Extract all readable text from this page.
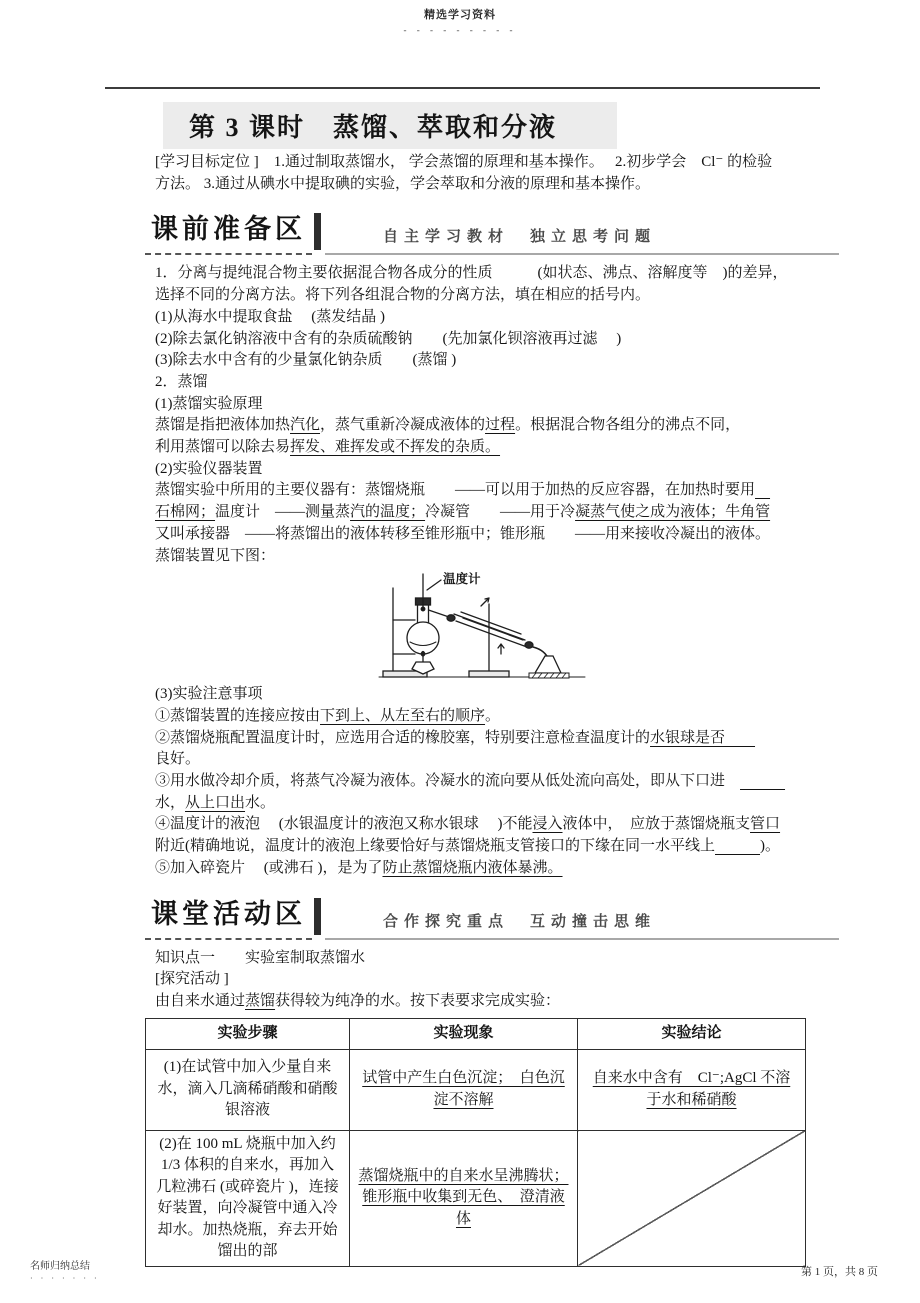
精选学习资料
- - - - - - - - -
第 3 课时　蒸馏、萃取和分液
[学习目标定位 ]　1.通过制取蒸馏水， 学会蒸馏的原理和基本操作。　 2.初步学会　Cl⁻ 的检验
方法。 3.通过从碘水中提取碘的实验，学会萃取和分液的原理和基本操作。
课前准备区	自主学习教材　独立思考问题
1．分离与提纯混合物主要依据混合物各成分的性质　　　(如状态、沸点、溶解度等　)的差异，
选择不同的分离方法。将下列各组混合物的分离方法，填在相应的括号内。
(1)从海水中提取食盐　 (蒸发结晶 )
(2)除去氯化钠溶液中含有的杂质硫酸钠　　(先加氯化钡溶液再过滤　 )
(3)除去水中含有的少量氯化钠杂质　　(蒸馏 )
2．蒸馏
(1)蒸馏实验原理
蒸馏是指把液体加热汽化，蒸气重新冷凝成液体的过程。根据混合物各组分的沸点不同，
利用蒸馏可以除去易挥发、难挥发或不挥发的杂质。
(2)实验仪器装置
蒸馏实验中所用的主要仪器有：蒸馏烧瓶　　——可以用于加热的反应容器，在加热时要用　
石棉网；温度计　——测量蒸汽的温度；冷凝管　　——用于冷凝蒸气使之成为液体；牛角管
又叫承接器　——将蒸馏出的液体转移至锥形瓶中；锥形瓶　　——用来接收冷凝出的液体。
蒸馏装置见下图：
温度计
(3)实验注意事项
①蒸馏装置的连接应按由下到上、从左至右的顺序。
②蒸馏烧瓶配置温度计时，应选用合适的橡胶塞，特别要注意检查温度计的水银球是否　　
良好。
③用水做冷却介质，将蒸气冷凝为液体。冷凝水的流向要从低处流向高处，即从下口进　　　　
水，从上口出水。
④温度计的液泡　 (水银温度计的液泡又称水银球　 )不能浸入液体中，　应放于蒸馏烧瓶支管口
附近(精确地说，温度计的液泡上缘要恰好与蒸馏烧瓶支管接口的下缘在同一水平线上　　　	)。
⑤加入碎瓷片　 (或沸石 )，是为了防止蒸馏烧瓶内液体暴沸。
课堂活动区	合作探究重点　互动撞击思维
知识点一　　实验室制取蒸馏水
[探究活动 ]
由自来水通过蒸馏获得较为纯净的水。按下表要求完成实验：
实验步骤	实验现象	实验结论
(1)在试管中加入少量自来水，滴入几滴稀硝酸和硝酸银溶液	试管中产生白色沉淀；　白色沉淀不溶解	自来水中含有　Cl⁻;AgCl 不溶于水和稀硝酸
(2)在 100 mL 烧瓶中加入约1/3 体积的自来水，再加入几粒沸石 (或碎瓷片 )，连接好装置，向冷凝管中通入冷却水。加热烧瓶，弃去开始馏出的部	蒸馏烧瓶中的自来水呈沸腾状；锥形瓶中收集到无色、　澄清液体	
名师归纳总结
· · · · · · ·
第 1 页，共 8 页
